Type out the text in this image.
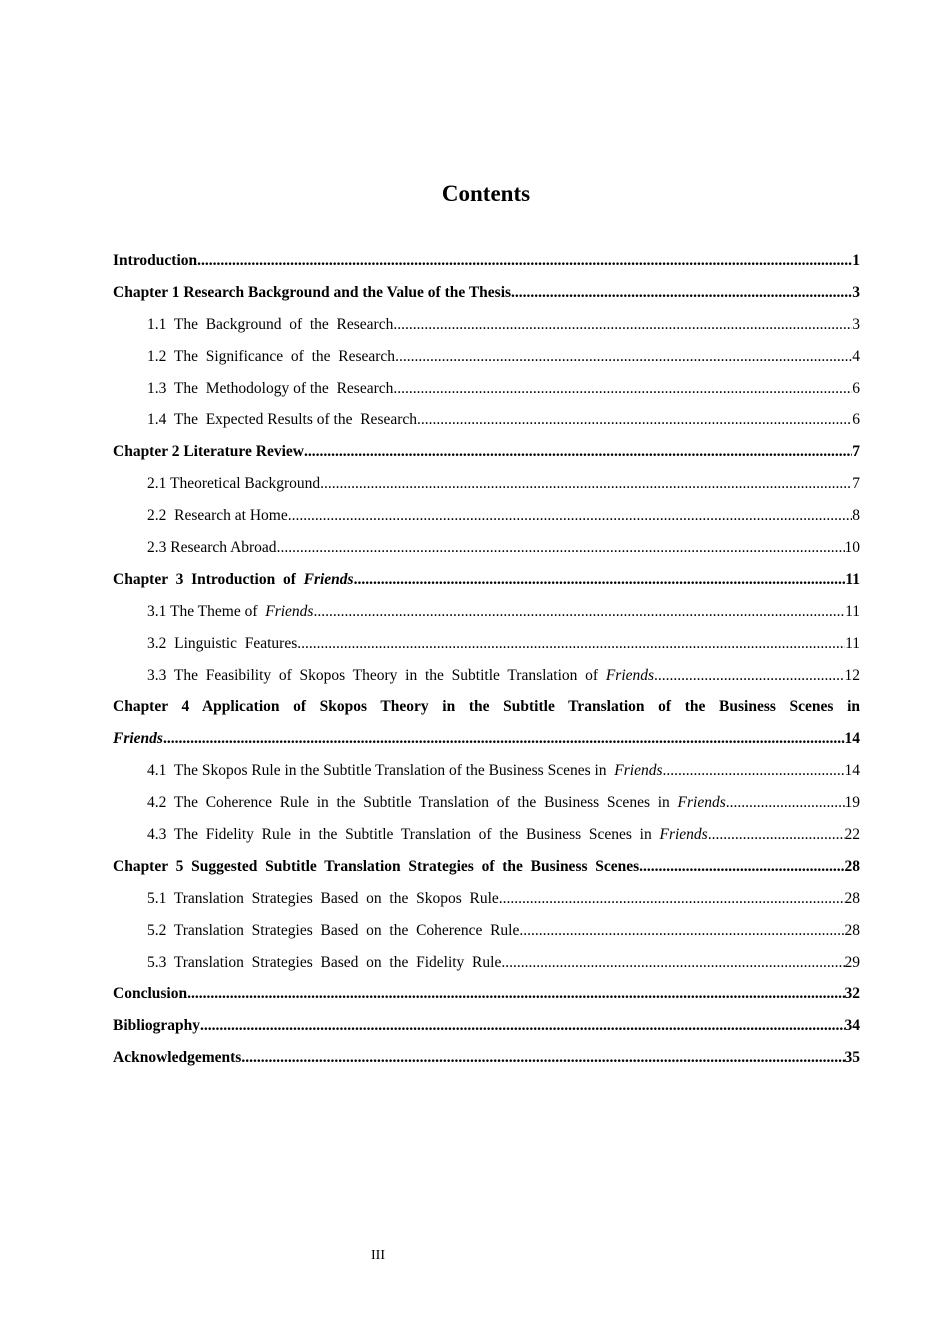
Contents
Introduction .....	1
Chapter 1 Research Background and the Value of the Thesis .....	3
1.1  The  Background  of  the  Research .....	3
1.2  The  Significance  of  the  Research .....	4
1.3  The  Methodology of the  Research .....	6
1.4  The  Expected Results of the  Research .....	6
Chapter 2 Literature Review .....	7
2.1 Theoretical Background .....	7
2.2  Research at Home .....	8
2.3 Research Abroad .....	10
Chapter  3  Introduction  of  Friends .....	11
3.1 The Theme of  Friends .....	11
3.2  Linguistic  Features .....	11
3.3  The  Feasibility  of  Skopos  Theory  in  the  Subtitle  Translation  of  Friends .....	12
Chapter 4 Application of Skopos Theory in the Subtitle Translation of the Business Scenes in
Friends .....	14
4.1  The Skopos Rule in the Subtitle Translation of the Business Scenes in  Friends .....	14
4.2  The  Coherence  Rule  in  the  Subtitle  Translation  of  the  Business  Scenes  in  Friends .....	19
4.3  The  Fidelity  Rule  in  the  Subtitle  Translation  of  the  Business  Scenes  in  Friends .....	22
Chapter  5  Suggested  Subtitle  Translation  Strategies  of  the  Business  Scenes .....	28
5.1  Translation  Strategies  Based  on  the  Skopos  Rule .....	28
5.2  Translation  Strategies  Based  on  the  Coherence  Rule .....	28
5.3  Translation  Strategies  Based  on  the  Fidelity  Rule .....	29
Conclusion .....	32
Bibliography .....	34
Acknowledgements .....	35
III
